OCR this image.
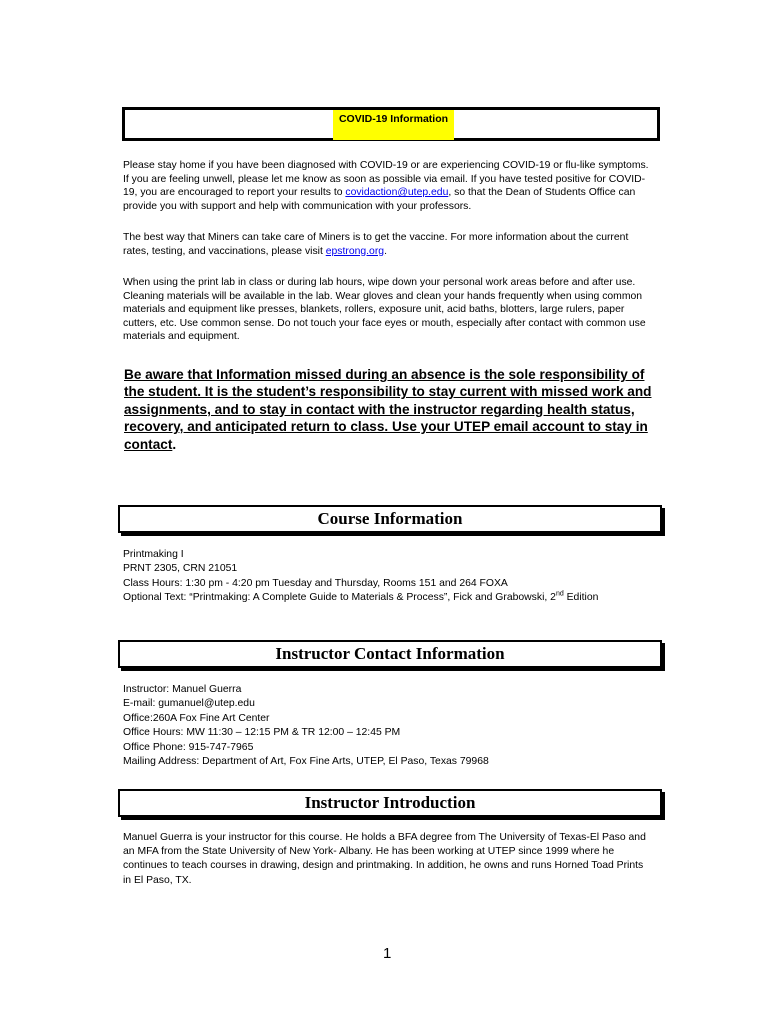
COVID-19 Information
Please stay home if you have been diagnosed with COVID-19 or are experiencing COVID-19 or flu-like symptoms. If you are feeling unwell, please let me know as soon as possible via email. If you have tested positive for COVID-19, you are encouraged to report your results to covidaction@utep.edu, so that the Dean of Students Office can provide you with support and help with communication with your professors.
The best way that Miners can take care of Miners is to get the vaccine. For more information about the current rates, testing, and vaccinations, please visit epstrong.org.
When using the print lab in class or during lab hours, wipe down your personal work areas before and after use. Cleaning materials will be available in the lab. Wear gloves and clean your hands frequently when using common materials and equipment like presses, blankets, rollers, exposure unit, acid baths, blotters, large rulers, paper cutters, etc. Use common sense. Do not touch your face eyes or mouth, especially after contact with common use materials and equipment.
Be aware that Information missed during an absence is the sole responsibility of the student. It is the student’s responsibility to stay current with missed work and assignments, and to stay in contact with the instructor regarding health status, recovery, and anticipated return to class. Use your UTEP email account to stay in contact.
Course Information
Printmaking I
PRNT 2305, CRN 21051
Class Hours: 1:30 pm - 4:20 pm Tuesday and Thursday, Rooms 151 and 264 FOXA
Optional Text: “Printmaking: A Complete Guide to Materials & Process”, Fick and Grabowski, 2nd Edition
Instructor Contact Information
Instructor: Manuel Guerra
E-mail: gumanuel@utep.edu
Office:260A Fox Fine Art Center
Office Hours: MW 11:30 – 12:15 PM & TR 12:00 – 12:45 PM
Office Phone: 915-747-7965
Mailing Address: Department of Art, Fox Fine Arts, UTEP, El Paso, Texas 79968
Instructor Introduction
Manuel Guerra is your instructor for this course. He holds a BFA degree from The University of Texas-El Paso and an MFA from the State University of New York- Albany. He has been working at UTEP since 1999 where he continues to teach courses in drawing, design and printmaking. In addition, he owns and runs Horned Toad Prints in El Paso, TX.
1
